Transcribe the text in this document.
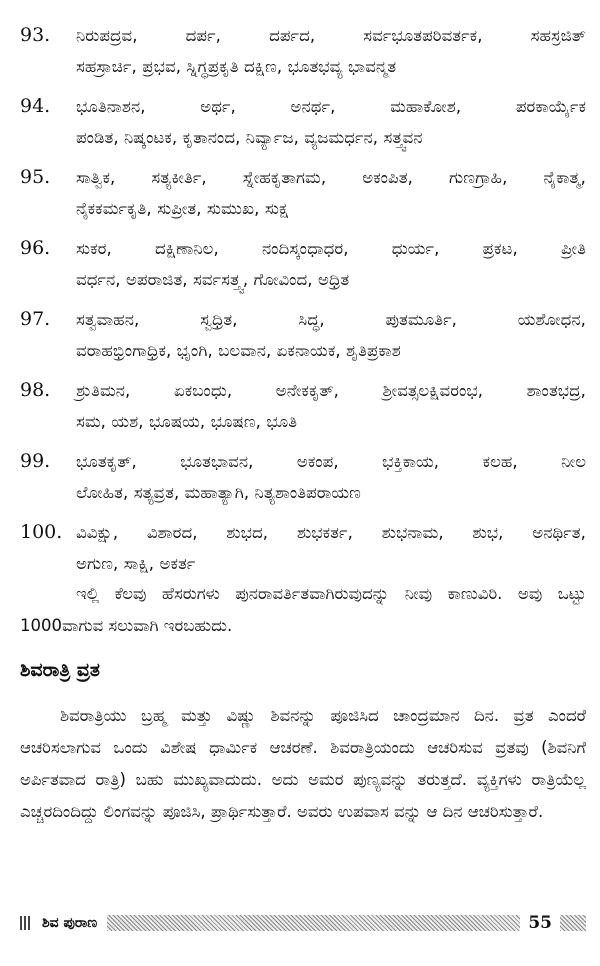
93.	ನಿರುಪದ್ರವ, ದರ್ಪ, ದರ್ಪದ, ಸರ್ವಭೂತಪರಿವರ್ತಕ, ಸಹಸ್ರಜಿತ್
ಸಹಸ್ರಾರ್ಚಿ, ಪ್ರಭವ, ಸ್ನಿಗ್ಧಪ್ರಕೃತಿ ದಕ್ಷಿಣ, ಭೂತಭವ್ಯ ಭಾವನ್ಮತ
94.	ಭೂತಿನಾಶನ, ಅರ್ಥ, ಅನರ್ಥ, ಮಹಾಕೋಶ, ಪರಕಾರ್ಯೈಕ
ಪಂಡಿತ, ನಿಷ್ಕಂಟಕ, ಕೃತಾನಂದ, ನಿರ್ವ್ಯಾಜ, ವ್ಯಜಮರ್ಧನ, ಸತ್ತ್ವವನ
95.	ಸಾತ್ವಿಕ, ಸತ್ಯಕೀರ್ತಿ, ಸ್ನೇಹಕೃತಾಗಮ, ಅಕಂಪಿತ, ಗುಣಗ್ರಾಹಿ, ನೈಕಾತ್ಮ,
ನೈಕಕರ್ಮಕೃತಿ, ಸುಪ್ರೀತ, ಸುಮುಖ, ಸುಕ್ಷ
96.	ಸುಕರ, ದಕ್ಷಿಣಾನಿಲ, ನಂದಿಸ್ಕಂಧಾಧರ, ಧುರ್ಯ, ಪ್ರಕಟ, ಪ್ರೀತಿ
ವರ್ಧನ, ಅಪರಾಜಿತ, ಸರ್ವಸತ್ತ್ವ, ಗೋವಿಂದ, ಅಧ್ರಿತ
97.	ಸತ್ವವಾಹನ, ಸ್ವಧ್ರಿತ, ಸಿದ್ಧ, ಪುತಮೂರ್ತಿ, ಯಶೋಧನ,
ವರಾಹಭ್ರಿಂಗಾಧ್ರಿಕ, ಭೃಂಗಿ, ಬಲವಾನ, ಏಕನಾಯಕ, ಶೃತಿಪ್ರಕಾಶ
98.	ಶ್ರುತಿಮನ, ಏಕಬಂಧು, ಅನೇಕಕೃತ್, ಶ್ರೀವತ್ಸಲಕ್ಷಿವರಂಭ, ಶಾಂತಭದ್ರ,
ಸಮ, ಯಶ, ಭೂಷಯ, ಭೂಷಣ, ಭೂತಿ
99.	ಭೂತಕೃತ್, ಭೂತಭಾವನ, ಅಕಂಪ, ಭಕ್ತಿಕಾಯ, ಕಲಹ, ನೀಲ
ಲೋಹಿತ, ಸತ್ಯವ್ರತ, ಮಹಾತ್ಯಾಗಿ, ನಿತ್ಯಶಾಂತಿಪರಾಯಣ
100. ವಿವಿಕ್ಷು, ವಿಶಾರದ, ಶುಭದ, ಶುಭಕರ್ತ, ಶುಭನಾಮ, ಶುಭ, ಅನರ್ಥಿತ,
ಅಗುಣ, ಸಾಕ್ಷಿ, ಅಕರ್ತ

ಇಲ್ಲಿ ಕೆಲವು ಹೆಸರುಗಳು ಪುನರಾವರ್ತಿತವಾಗಿರುವುದನ್ನು ನೀವು ಕಾಣುವಿರಿ. ಅವು ಒಟ್ಟು 1000ವಾಗುವ ಸಲುವಾಗಿ ಇರಬಹುದು.

ಶಿವರಾತ್ರಿ ವ್ರತ

ಶಿವರಾತ್ರಿಯು ಬ್ರಹ್ಮ ಮತ್ತು ವಿಷ್ಣು ಶಿವನನ್ನು ಪೂಜಿಸಿದ ಚಾಂದ್ರಮಾನ ದಿನ. ವ್ರತ ಎಂದರೆ ಆಚರಿಸಲಾಗುವ ಒಂದು ವಿಶೇಷ ಧಾರ್ಮಿಕ ಆಚರಣೆ. ಶಿವರಾತ್ರಿಯಂದು ಆಚರಿಸುವ ವ್ರತವು (ಶಿವನಿಗೆ ಅರ್ಪಿತವಾದ ರಾತ್ರಿ) ಬಹು ಮುಖ್ಯವಾದುದು. ಅದು ಅಮರ ಪುಣ್ಯವನ್ನು ತರುತ್ತದೆ. ವ್ಯಕ್ತಿಗಳು ರಾತ್ರಿಯೆಲ್ಲ ಎಚ್ಚರದಿಂದಿದ್ದು ಲಿಂಗವನ್ನು ಪೂಜಿಸಿ, ಪ್ರಾರ್ಥಿಸುತ್ತಾರೆ. ಅವರು ಉಪವಾಸ ವನ್ನು ಆ ದಿನ ಆಚರಿಸುತ್ತಾರೆ.

ಶಿವ ಪುರಾಣ	55
